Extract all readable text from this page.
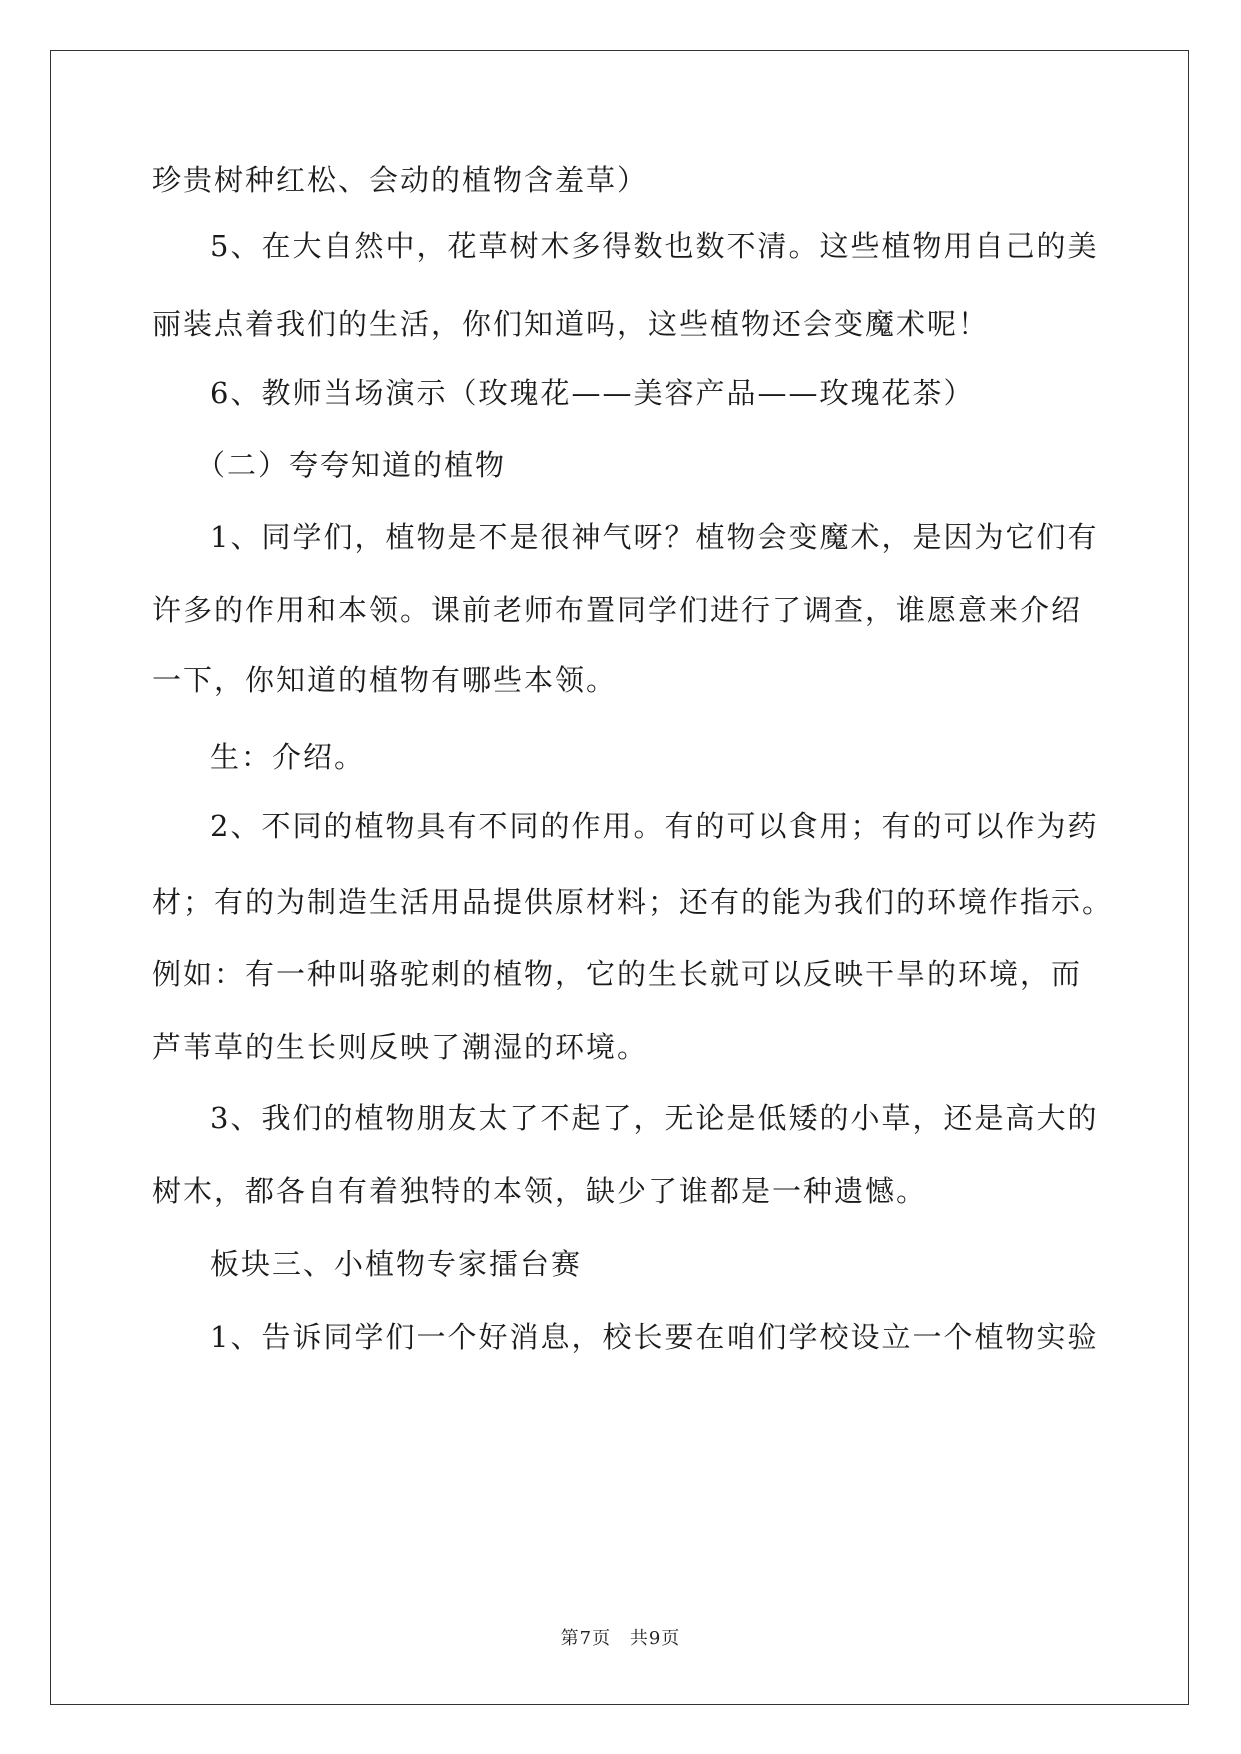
珍贵树种红松、会动的植物含羞草）
5、在大自然中，花草树木多得数也数不清。这些植物用自己的美
丽装点着我们的生活，你们知道吗，这些植物还会变魔术呢！
6、教师当场演示（玫瑰花——美容产品——玫瑰花茶）
（二）夸夸知道的植物
1、同学们，植物是不是很神气呀？植物会变魔术，是因为它们有
许多的作用和本领。课前老师布置同学们进行了调查，谁愿意来介绍
一下，你知道的植物有哪些本领。
生：介绍。
2、不同的植物具有不同的作用。有的可以食用；有的可以作为药
材；有的为制造生活用品提供原材料；还有的能为我们的环境作指示。
例如：有一种叫骆驼刺的植物，它的生长就可以反映干旱的环境，而
芦苇草的生长则反映了潮湿的环境。
3、我们的植物朋友太了不起了，无论是低矮的小草，还是高大的
树木，都各自有着独特的本领，缺少了谁都是一种遗憾。
板块三、小植物专家擂台赛
1、告诉同学们一个好消息，校长要在咱们学校设立一个植物实验
第7页 共9页
